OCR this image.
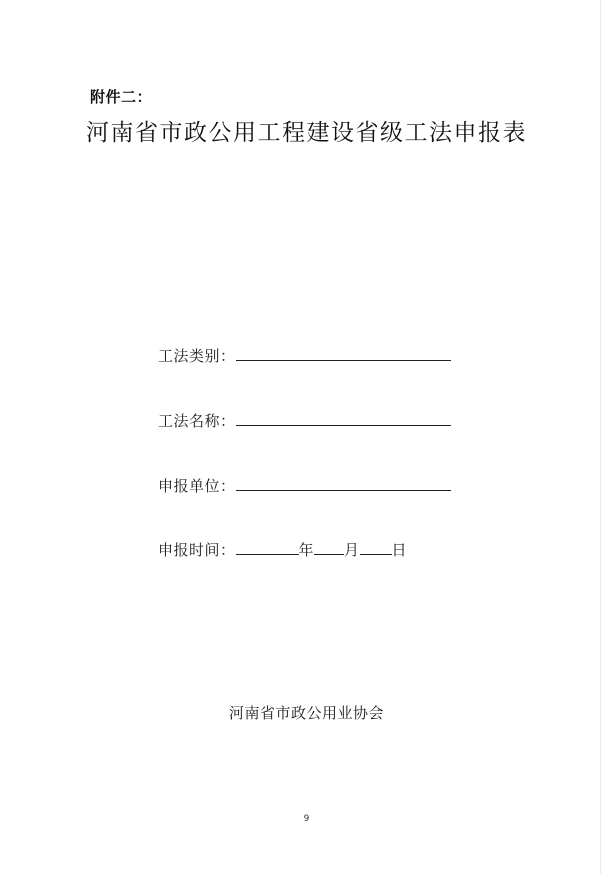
附件二：
河南省市政公用工程建设省级工法申报表
工法类别：
工法名称：
申报单位：
申报时间：	年 月 日
河南省市政公用业协会
9
